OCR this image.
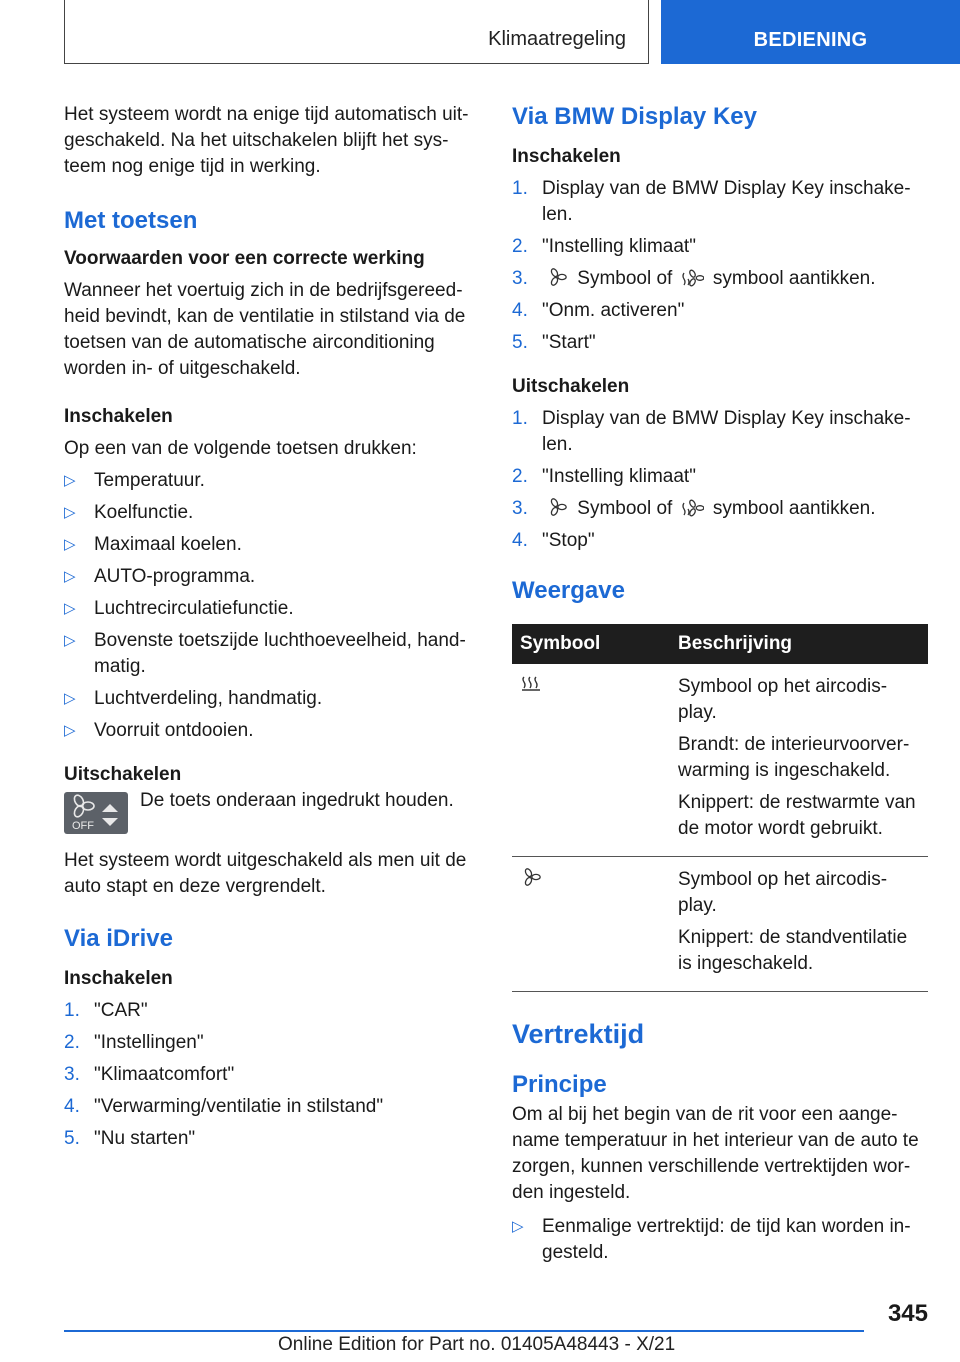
Klimaatregeling	BEDIENING

Het systeem wordt na enige tijd automatisch uit-geschakeld. Na het uitschakelen blijft het sys-teem nog enige tijd in werking.

Met toetsen
Voorwaarden voor een correcte werking

Wanneer het voertuig zich in de bedrijfsgereed-heid bevindt, kan de ventilatie in stilstand via de toetsen van de automatische airconditioning worden in- of uitgeschakeld.

Inschakelen

Op een van de volgende toetsen drukken:

▷ Temperatuur.
▷ Koelfunctie.
▷ Maximaal koelen.
▷ AUTO-programma.
▷ Luchtrecirculatiefunctie.
▷ Bovenste toetszijde luchthoeveelheid, hand-matig.
▷ Luchtverdeling, handmatig.
▷ Voorruit ontdooien.
Uitschakelen
OFF

De toets onderaan ingedrukt houden.

Het systeem wordt uitgeschakeld als men uit de auto stapt en deze vergrendelt.

Via iDrive
Inschakelen
1. "CAR"
2. "Instellingen"
3. "Klimaatcomfort"
4. "Verwarming/ventilatie in stilstand"
5. "Nu starten"
Via BMW Display Key
Inschakelen
1. Display van de BMW Display Key inschake-len.
2. "Instelling klimaat"
3.	Symbool of symbool aantikken.
4. "Onm. activeren"
5. "Start"
Uitschakelen
1. Display van de BMW Display Key inschake-len.
2. "Instelling klimaat"
3.	Symbool of symbool aantikken.
4. "Stop"
Weergave
Symbool	Beschrijving

Symbool op het aircodis-play.

Brandt: de interieurvoorver-warming is ingeschakeld.

Knippert: de restwarmte van de motor wordt gebruikt.

Symbool op het aircodis-play.

Knippert: de standventilatie is ingeschakeld.

Vertrektijd
Principe

Om al bij het begin van de rit voor een aange-name temperatuur in het interieur van de auto te zorgen, kunnen verschillende vertrektijden wor-den ingesteld.

▷ Eenmalige vertrektijd: de tijd kan worden in-gesteld.
345
Online Edition for Part no. 01405A48443 - X/21
